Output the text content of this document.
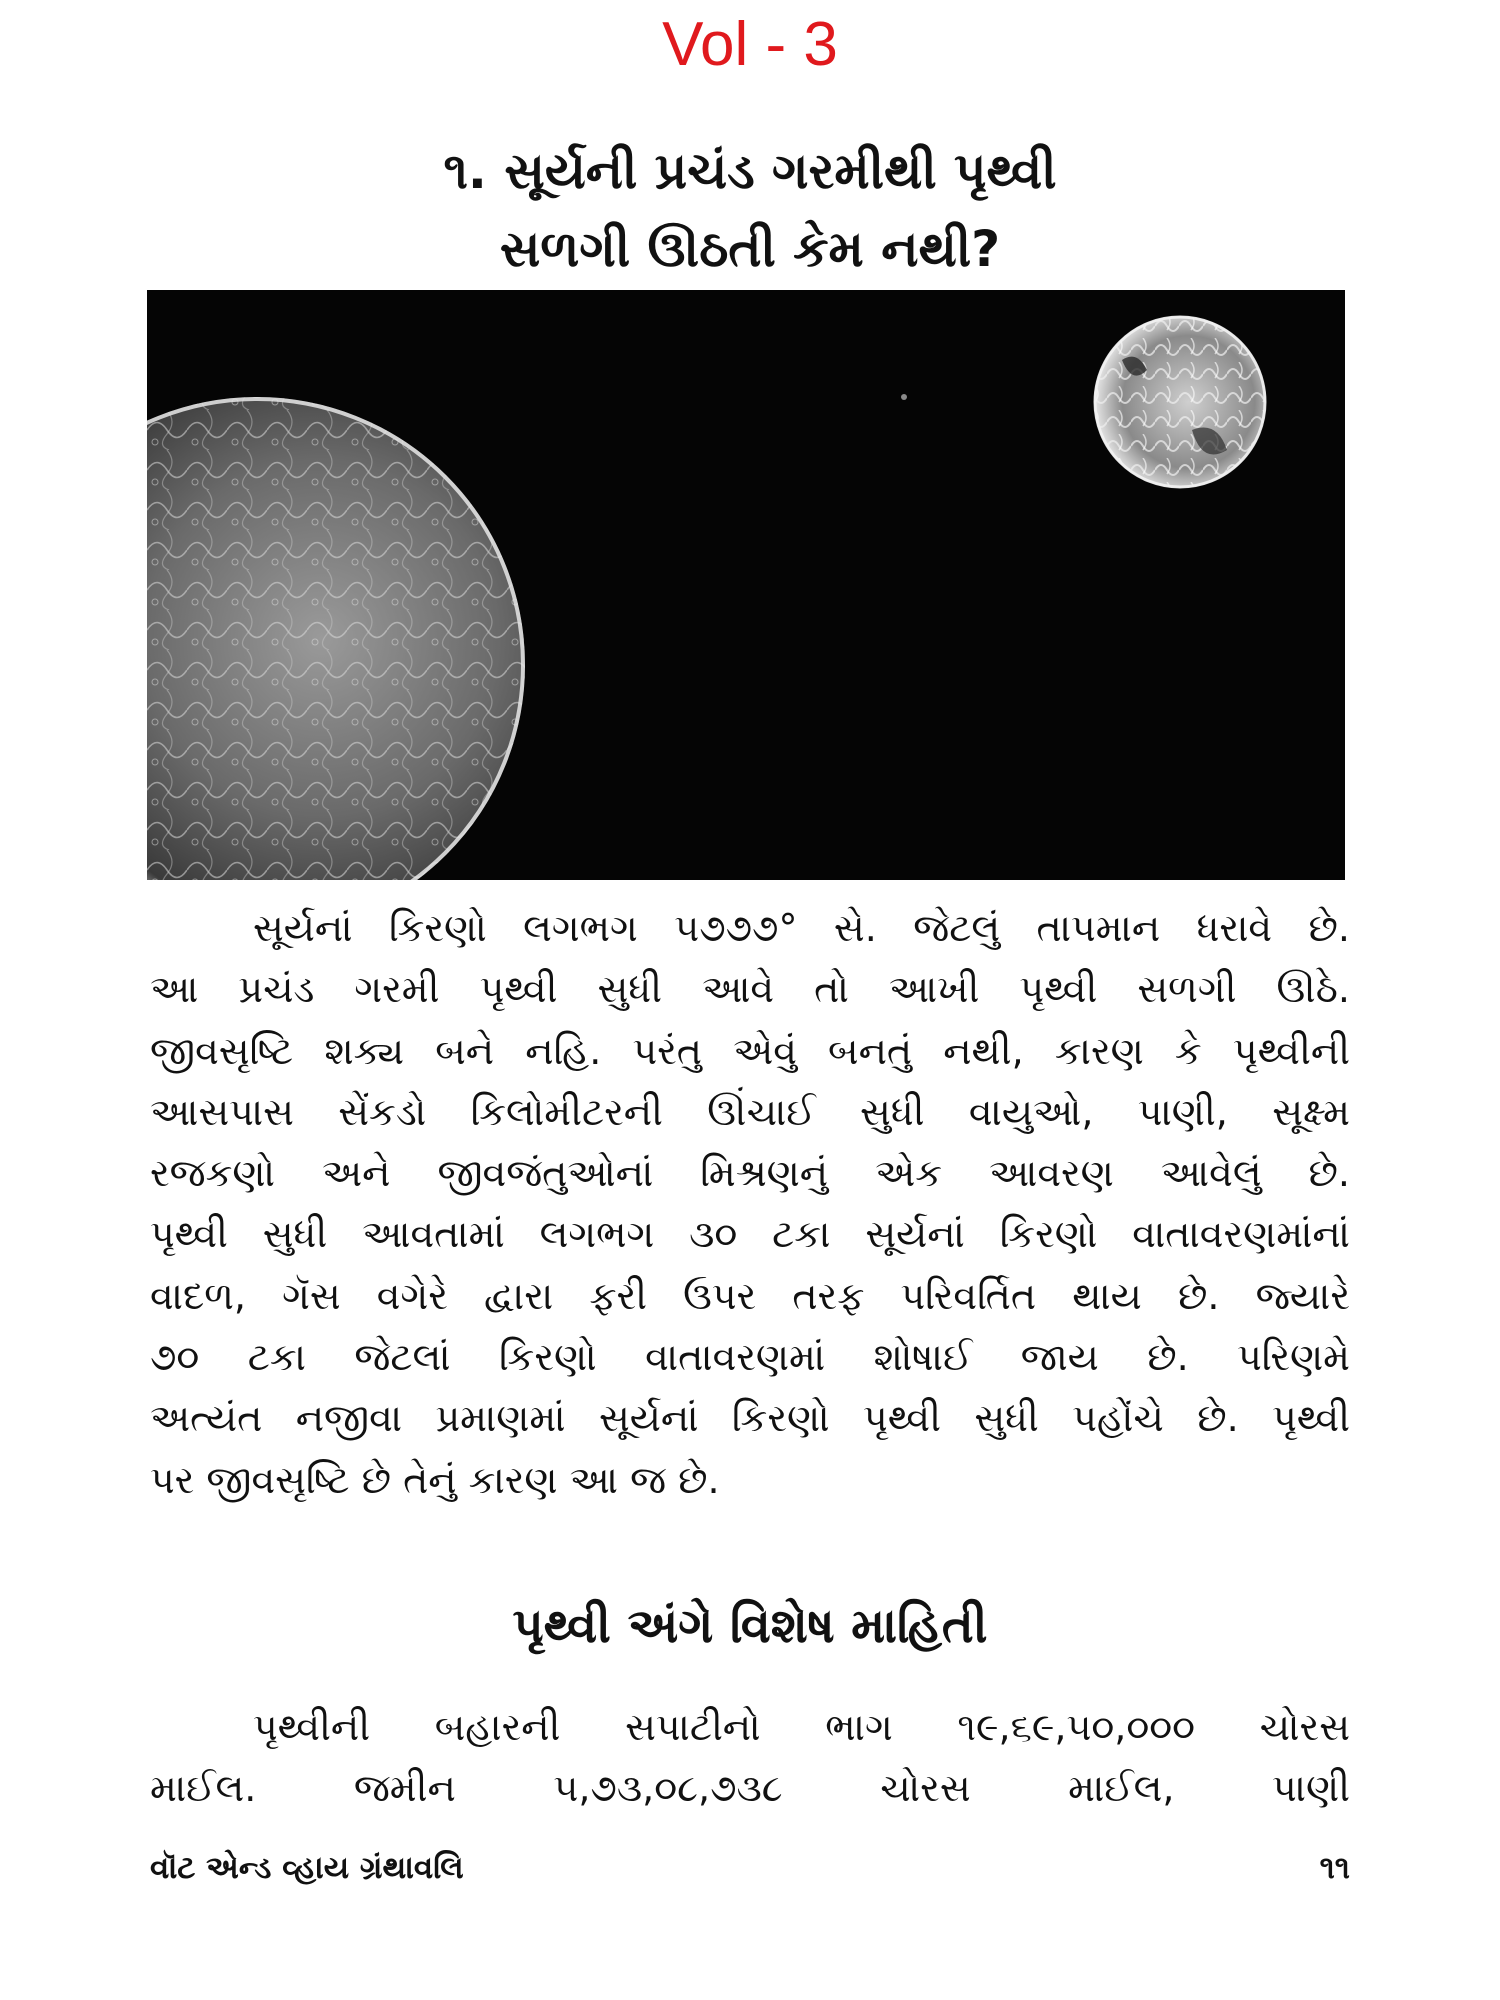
Vol - 3
૧. સૂર્યની પ્રચંડ ગરમીથી પૃથ્વી
સળગી ઊઠતી કેમ નથી?
સૂર્યનાં કિરણો લગભગ ૫૭૭૭° સે. જેટલું તાપમાન ધરાવે છે.
આ પ્રચંડ ગરમી પૃથ્વી સુધી આવે તો આખી પૃથ્વી સળગી ઊઠે.
જીવસૃષ્ટિ શક્ય બને નહિ. પરંતુ એવું બનતું નથી, કારણ કે પૃથ્વીની
આસપાસ સેંકડો કિલોમીટરની ઊંચાઈ સુધી વાયુઓ, પાણી, સૂક્ષ્મ
રજકણો અને જીવજંતુઓનાં મિશ્રણનું એક આવરણ આવેલું છે.
પૃથ્વી સુધી આવતામાં લગભગ ૩૦ ટકા સૂર્યનાં કિરણો વાતાવરણમાંનાં
વાદળ, ગૅસ વગેરે દ્વારા ફરી ઉપર તરફ પરિવર્તિત થાય છે. જ્યારે
૭૦ ટકા જેટલાં કિરણો વાતાવરણમાં શોષાઈ જાય છે. પરિણમે
અત્યંત નજીવા પ્રમાણમાં સૂર્યનાં કિરણો પૃથ્વી સુધી પહોંચે છે. પૃથ્વી
પર જીવસૃષ્ટિ છે તેનું કારણ આ જ છે.
પૃથ્વી અંગે વિશેષ માહિતી
પૃથ્વીની બહારની સપાટીનો ભાગ ૧૯,૬૯,૫૦,૦૦૦ ચોરસ
માઈલ. જમીન ૫,૭૩,૦૮,૭૩૮ ચોરસ માઈલ, પાણી
વૉટ એન્ડ વ્હાય ગ્રંથાવલિ	૧૧
